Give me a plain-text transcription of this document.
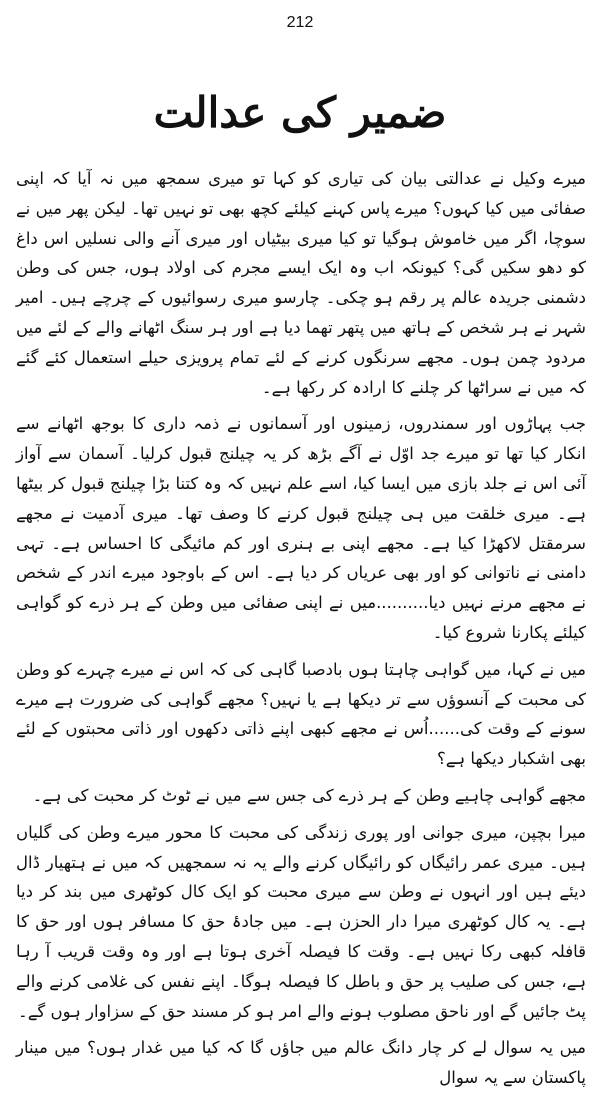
212
ضمیر کی عدالت

میرے وکیل نے عدالتی بیان کی تیاری کو کہا تو میری سمجھ میں نہ آیا کہ اپنی صفائی میں کیا کہوں؟ میرے پاس کہنے کیلئے کچھ بھی تو نہیں تھا۔ لیکن پھر میں نے سوچا، اگر میں خاموش ہوگیا تو کیا میری بیٹیاں اور میری آنے والی نسلیں اس داغ کو دھو سکیں گی؟ کیونکہ اب وہ ایک ایسے مجرم کی اولاد ہوں، جس کی وطن دشمنی جریدہ عالم پر رقم ہو چکی۔ چارسو میری رسوائیوں کے چرچے ہیں۔ امیر شہر نے ہر شخص کے ہاتھ میں پتھر تھما دیا ہے اور ہر سنگ اٹھانے والے کے لئے میں مردود چمن ہوں۔ مجھے سرنگوں کرنے کے لئے تمام پرویزی حیلے استعمال کئے گئے کہ میں نے سراٹھا کر چلنے کا ارادہ کر رکھا ہے۔

جب پہاڑوں اور سمندروں، زمینوں اور آسمانوں نے ذمہ داری کا بوجھ اٹھانے سے انکار کیا تھا تو میرے جد اوّل نے آگے بڑھ کر یہ چیلنج قبول کرلیا۔ آسمان سے آواز آئی اس نے جلد بازی میں ایسا کیا، اسے علم نہیں کہ وہ کتنا بڑا چیلنج قبول کر بیٹھا ہے۔ میری خلقت میں ہی چیلنج قبول کرنے کا وصف تھا۔ میری آدمیت نے مجھے سرمقتل لاکھڑا کیا ہے۔ مجھے اپنی بے ہنری اور کم مائیگی کا احساس ہے۔ تہی دامنی نے ناتوانی کو اور بھی عریاں کر دیا ہے۔ اس کے باوجود میرے اندر کے شخص نے مجھے مرنے نہیں دیا..........میں نے اپنی صفائی میں وطن کے ہر ذرے کو گواہی کیلئے پکارنا شروع کیا۔

میں نے کہا، میں گواہی چاہتا ہوں بادصبا گاہی کی کہ اس نے میرے چہرے کو وطن کی محبت کے آنسوؤں سے تر دیکھا ہے یا نہیں؟ مجھے گواہی کی ضرورت ہے میرے سونے کے وقت کی......اُس نے مجھے کبھی اپنے ذاتی دکھوں اور ذاتی محبتوں کے لئے بھی اشکبار دیکھا ہے؟

مجھے گواہی چاہیے وطن کے ہر ذرے کی جس سے میں نے ٹوٹ کر محبت کی ہے۔

میرا بچپن، میری جوانی اور پوری زندگی کی محبت کا محور میرے وطن کی گلیاں ہیں۔ میری عمر رائیگاں کو رائیگاں کرنے والے یہ نہ سمجھیں کہ میں نے ہتھیار ڈال دیئے ہیں اور انہوں نے وطن سے میری محبت کو ایک کال کوٹھری میں بند کر دیا ہے۔ یہ کال کوٹھری میرا دار الحزن ہے۔ میں جادۂ حق کا مسافر ہوں اور حق کا قافلہ کبھی رکا نہیں ہے۔ وقت کا فیصلہ آخری ہوتا ہے اور وہ وقت قریب آ رہا ہے، جس کی صلیب پر حق و باطل کا فیصلہ ہوگا۔ اپنے نفس کی غلامی کرنے والے پٹ جائیں گے اور ناحق مصلوب ہونے والے امر ہو کر مسند حق کے سزاوار ہوں گے۔

میں یہ سوال لے کر چار دانگ عالم میں جاؤں گا کہ کیا میں غدار ہوں؟ میں مینار پاکستان سے یہ سوال
